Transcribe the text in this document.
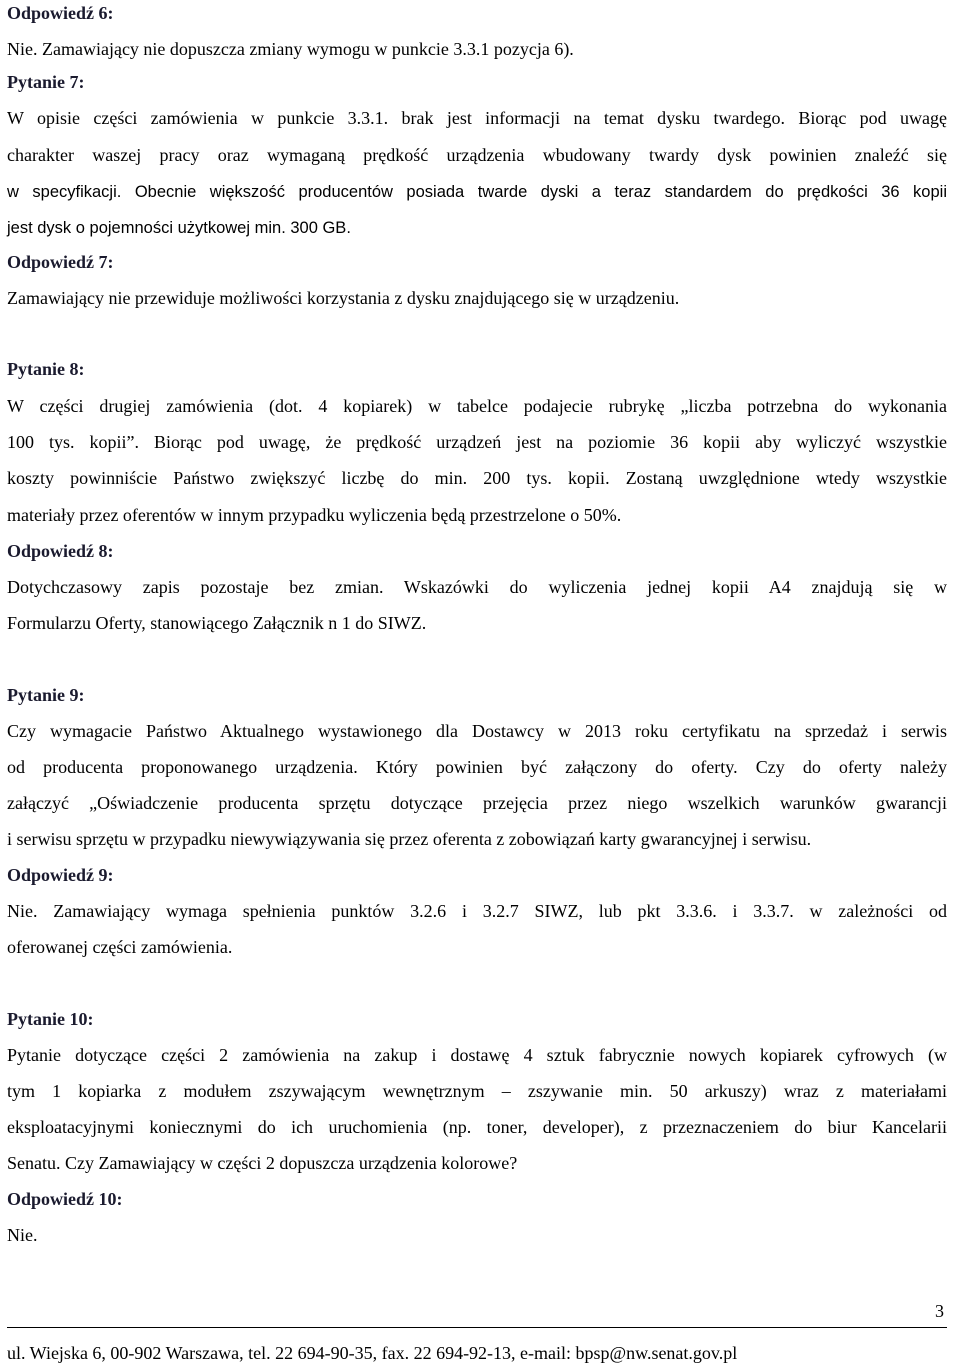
Odpowiedź 6:
Nie. Zamawiający nie dopuszcza zmiany wymogu w punkcie 3.3.1 pozycja 6).
Pytanie 7:
W opisie części zamówienia w punkcie 3.3.1. brak jest informacji na temat dysku twardego. Biorąc pod uwagę
charakter waszej pracy oraz wymaganą prędkość urządzenia wbudowany twardy dysk powinien znaleźć się
w specyfikacji. Obecnie większość producentów posiada twarde dyski a teraz standardem do prędkości 36 kopii
jest dysk o pojemności użytkowej min. 300 GB.
Odpowiedź 7:
Zamawiający nie przewiduje możliwości korzystania z dysku znajdującego się w urządzeniu.
Pytanie 8:
W części drugiej zamówienia (dot. 4 kopiarek) w tabelce podajecie rubrykę „liczba potrzebna do wykonania
100 tys. kopii”. Biorąc pod uwagę, że prędkość urządzeń jest na poziomie 36 kopii aby wyliczyć wszystkie
koszty powinniście Państwo zwiększyć liczbę do min. 200 tys. kopii. Zostaną uwzględnione wtedy wszystkie
materiały przez oferentów w innym przypadku wyliczenia będą przestrzelone o 50%.
Odpowiedź 8:
Dotychczasowy zapis pozostaje bez zmian. Wskazówki do wyliczenia jednej kopii A4 znajdują się w
Formularzu Oferty, stanowiącego Załącznik n 1 do SIWZ.
Pytanie 9:
Czy wymagacie Państwo Aktualnego wystawionego dla Dostawcy w 2013 roku certyfikatu na sprzedaż i serwis
od producenta proponowanego urządzenia. Który powinien być załączony do oferty. Czy do oferty należy
załączyć „Oświadczenie producenta sprzętu dotyczące przejęcia przez niego wszelkich warunków gwarancji
i serwisu sprzętu w przypadku niewywiązywania się przez oferenta z zobowiązań karty gwarancyjnej i serwisu.
Odpowiedź 9:
Nie. Zamawiający wymaga spełnienia punktów 3.2.6 i 3.2.7 SIWZ, lub pkt 3.3.6. i 3.3.7. w zależności od
oferowanej części zamówienia.
Pytanie 10:
Pytanie dotyczące części 2 zamówienia na zakup i dostawę 4 sztuk fabrycznie nowych kopiarek cyfrowych (w
tym 1 kopiarka z modułem zszywającym wewnętrznym – zszywanie min. 50 arkuszy) wraz z materiałami
eksploatacyjnymi koniecznymi do ich uruchomienia (np. toner, developer), z przeznaczeniem do biur Kancelarii
Senatu. Czy Zamawiający w części 2 dopuszcza urządzenia kolorowe?
Odpowiedź 10:
Nie.
3
ul. Wiejska 6, 00-902 Warszawa, tel. 22 694-90-35, fax. 22 694-92-13, e-mail: bpsp@nw.senat.gov.pl
